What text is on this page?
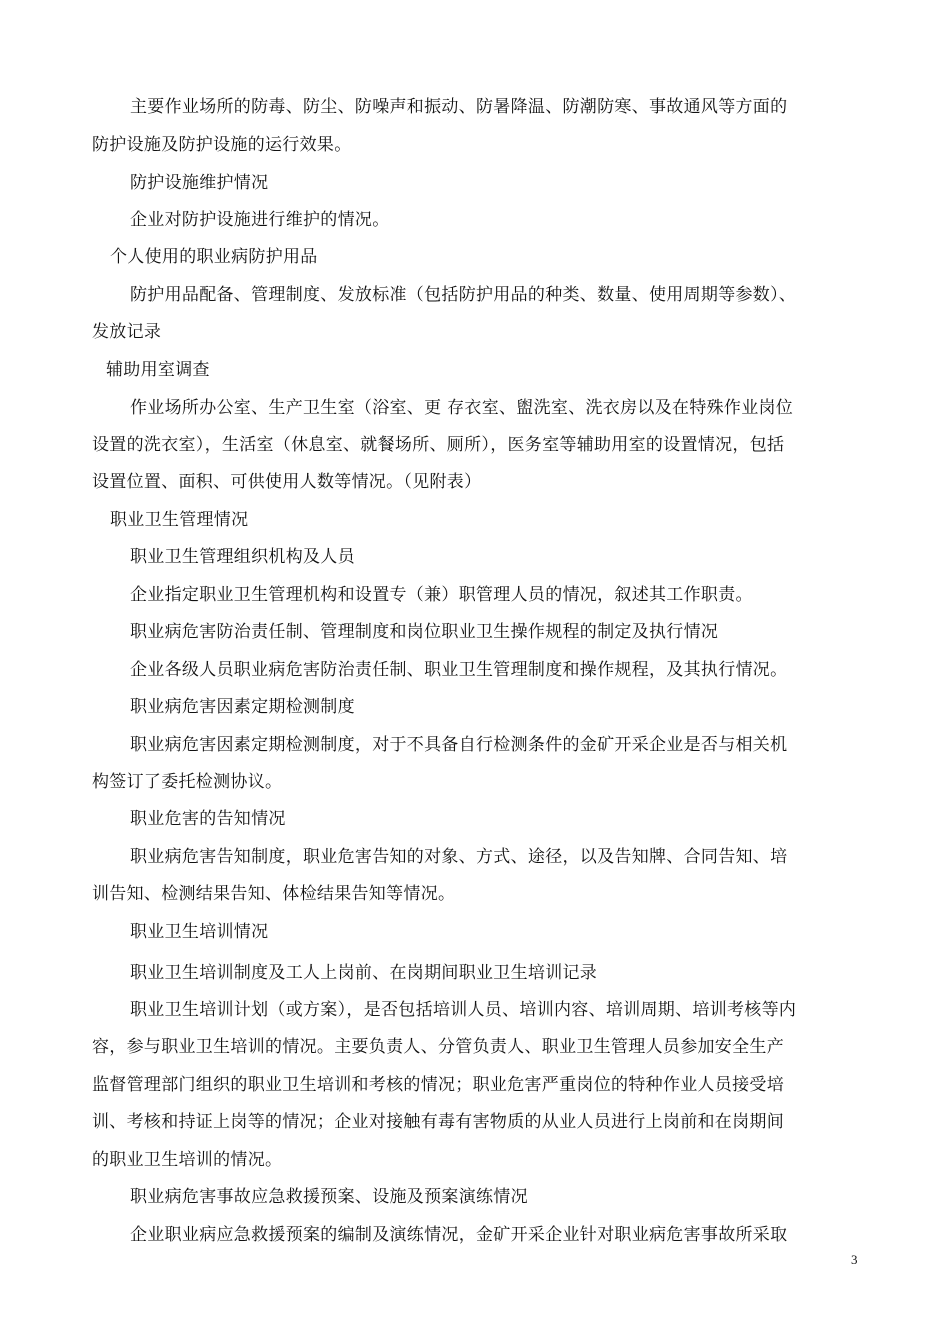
主要作业场所的防毒、防尘、防噪声和振动、防暑降温、防潮防寒、事故通风等方面的
防护设施及防护设施的运行效果。
防护设施维护情况
企业对防护设施进行维护的情况。
个人使用的职业病防护用品
防护用品配备、管理制度、发放标准（包括防护用品的种类、数量、使用周期等参数）、
发放记录
辅助用室调查
作业场所办公室、生产卫生室（浴室、更 存衣室、盥洗室、洗衣房以及在特殊作业岗位
设置的洗衣室），生活室（休息室、就餐场所、厕所），医务室等辅助用室的设置情况，包括
设置位置、面积、可供使用人数等情况。（见附表）
职业卫生管理情况
职业卫生管理组织机构及人员
企业指定职业卫生管理机构和设置专（兼）职管理人员的情况，叙述其工作职责。
职业病危害防治责任制、管理制度和岗位职业卫生操作规程的制定及执行情况
企业各级人员职业病危害防治责任制、职业卫生管理制度和操作规程，及其执行情况。
职业病危害因素定期检测制度
职业病危害因素定期检测制度，对于不具备自行检测条件的金矿开采企业是否与相关机
构签订了委托检测协议。
职业危害的告知情况
职业病危害告知制度，职业危害告知的对象、方式、途径，以及告知牌、合同告知、培
训告知、检测结果告知、体检结果告知等情况。
职业卫生培训情况
职业卫生培训制度及工人上岗前、在岗期间职业卫生培训记录
职业卫生培训计划（或方案），是否包括培训人员、培训内容、培训周期、培训考核等内
容，参与职业卫生培训的情况。主要负责人、分管负责人、职业卫生管理人员参加安全生产
监督管理部门组织的职业卫生培训和考核的情况；职业危害严重岗位的特种作业人员接受培
训、考核和持证上岗等的情况；企业对接触有毒有害物质的从业人员进行上岗前和在岗期间
的职业卫生培训的情况。
职业病危害事故应急救援预案、设施及预案演练情况
企业职业病应急救援预案的编制及演练情况，金矿开采企业针对职业病危害事故所采取
3
